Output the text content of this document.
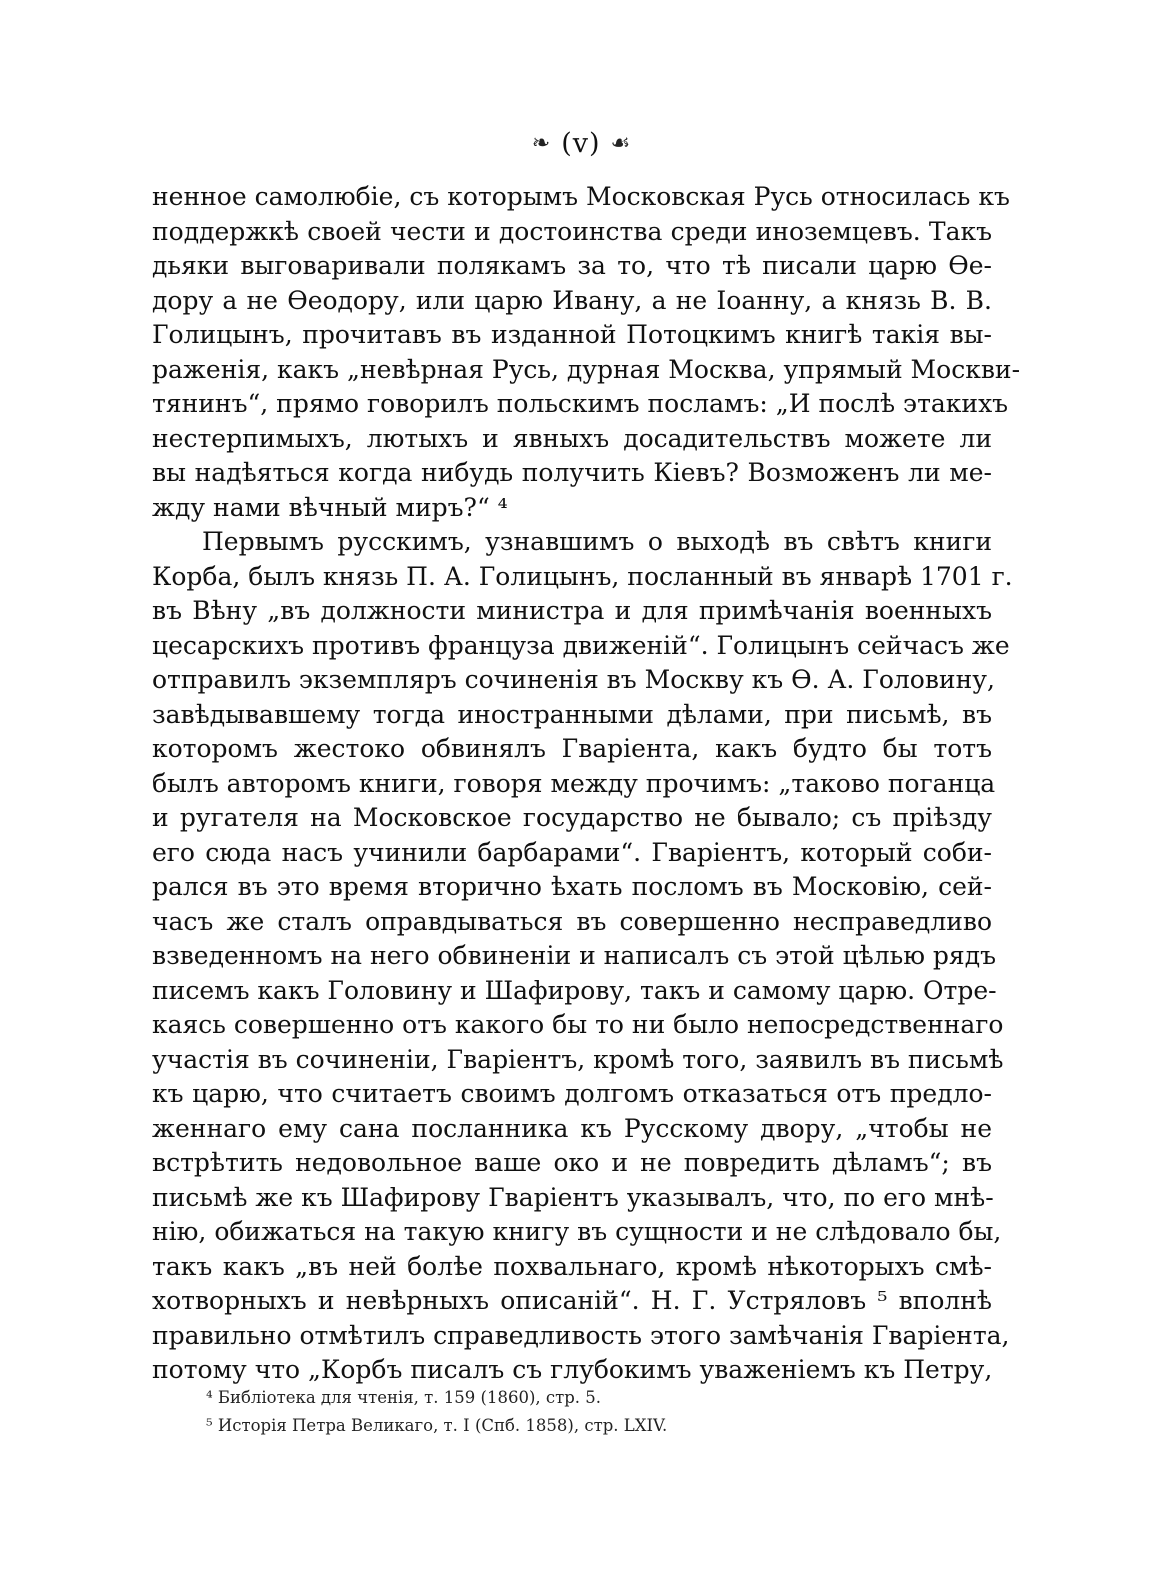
❧ (v) ☙
ненное самолюбіе, съ которымъ Московская Русь относилась къ
поддержкѣ своей чести и достоинства среди иноземцевъ. Такъ
дьяки выговаривали полякамъ за то, что тѣ писали царю Ѳе-
дору а не Ѳеодору, или царю Ивану, а не Іоанну, а князь В. В.
Голицынъ, прочитавъ въ изданной Потоцкимъ книгѣ такія вы-
раженія, какъ „невѣрная Русь, дурная Москва, упрямый Москви-
тянинъ“, прямо говорилъ польскимъ посламъ: „И послѣ этакихъ
нестерпимыхъ, лютыхъ и явныхъ досадительствъ можете ли
вы надѣяться когда нибудь получить Кіевъ? Возможенъ ли ме-
жду нами вѣчный миръ?“ ⁴
Первымъ русскимъ, узнавшимъ о выходѣ въ свѣтъ книги
Корба, былъ князь П. А. Голицынъ, посланный въ январѣ 1701 г.
въ Вѣну „въ должности министра и для примѣчанія военныхъ
цесарскихъ противъ француза движеній“. Голицынъ сейчасъ же
отправилъ экземпляръ сочиненія въ Москву къ Ѳ. А. Головину,
завѣдывавшему тогда иностранными дѣлами, при письмѣ, въ
которомъ жестоко обвинялъ Гваріента, какъ будто бы тотъ
былъ авторомъ книги, говоря между прочимъ: „таково поганца
и ругателя на Московское государство не бывало; съ пріѣзду
его сюда насъ учинили барбарами“. Гваріентъ, который соби-
рался въ это время вторично ѣхать посломъ въ Московію, сей-
часъ же сталъ оправдываться въ совершенно несправедливо
взведенномъ на него обвиненіи и написалъ съ этой цѣлью рядъ
писемъ какъ Головину и Шафирову, такъ и самому царю. Отре-
каясь совершенно отъ какого бы то ни было непосредственнаго
участія въ сочиненіи, Гваріентъ, кромѣ того, заявилъ въ письмѣ
къ царю, что считаетъ своимъ долгомъ отказаться отъ предло-
женнаго ему сана посланника къ Русскому двору, „чтобы не
встрѣтить недовольное ваше око и не повредить дѣламъ“; въ
письмѣ же къ Шафирову Гваріентъ указывалъ, что, по его мнѣ-
нію, обижаться на такую книгу въ сущности и не слѣдовало бы,
такъ какъ „въ ней болѣе похвальнаго, кромѣ нѣкоторыхъ смѣ-
хотворныхъ и невѣрныхъ описаній“. Н. Г. Устряловъ ⁵ вполнѣ
правильно отмѣтилъ справедливость этого замѣчанія Гваріента,
потому что „Корбъ писалъ съ глубокимъ уваженіемъ къ Петру,
⁴ Библіотека для чтенія, т. 159 (1860), стр. 5.
⁵ Исторія Петра Великаго, т. I (Спб. 1858), стр. LXIV.
